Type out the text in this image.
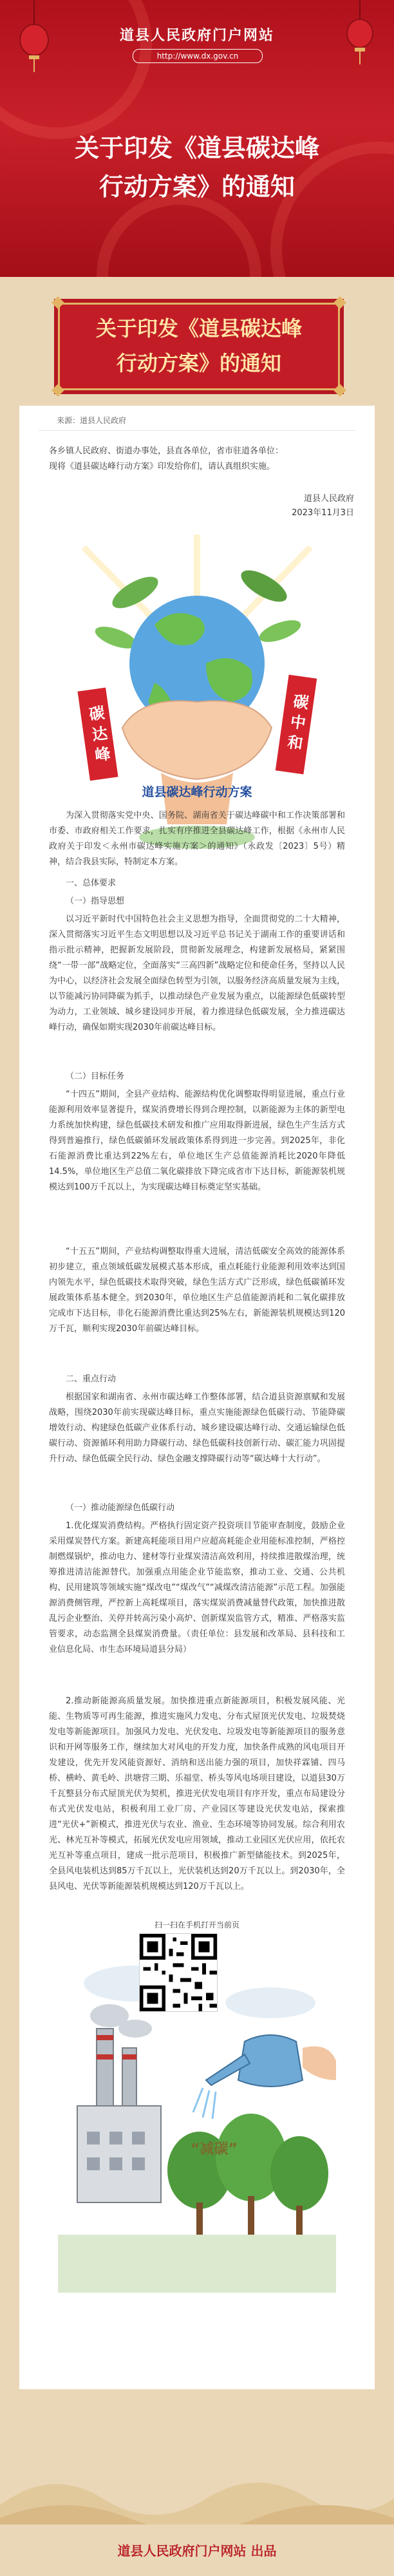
道县人民政府门户网站
http://www.dx.gov.cn
关于印发《道县碳达峰
行动方案》的通知
关于印发《道县碳达峰
行动方案》的通知
来源：道县人民政府
各乡镇人民政府、街道办事处，县直各单位，省市驻道各单位：
现将《道县碳达峰行动方案》印发给你们，请认真组织实施。
道县人民政府
2023年11月3日
碳达峰
碳中和
道县碳达峰行动方案
为深入贯彻落实党中央、国务院、湖南省关于碳达峰碳中和工作决策部署和市委、市政府相关工作要求，扎实有序推进全县碳达峰工作，根据《永州市人民政府关于印发＜永州市碳达峰实施方案＞的通知》（永政发〔2023〕5号）精神，结合我县实际，特制定本方案。
一、总体要求
（一）指导思想
以习近平新时代中国特色社会主义思想为指导，全面贯彻党的二十大精神，深入贯彻落实习近平生态文明思想以及习近平总书记关于湖南工作的重要讲话和指示批示精神，把握新发展阶段，贯彻新发展理念，构建新发展格局，紧紧围绕“一带一部”战略定位，全面落实“三高四新”战略定位和使命任务，坚持以人民为中心，以经济社会发展全面绿色转型为引领，以服务经济高质量发展为主线，以节能减污协同降碳为抓手，以推动绿色产业发展为重点，以能源绿色低碳转型为动力，工业领域、城乡建设同步开展，着力推进绿色低碳发展，全力推进碳达峰行动，确保如期实现2030年前碳达峰目标。
（二）目标任务
“十四五”期间，全县产业结构、能源结构优化调整取得明显进展，重点行业能源利用效率显著提升，煤炭消费增长得到合理控制，以新能源为主体的新型电力系统加快构建，绿色低碳技术研发和推广应用取得新进展，绿色生产生活方式得到普遍推行，绿色低碳循环发展政策体系得到进一步完善。到2025年，非化石能源消费比重达到22%左右，单位地区生产总值能源消耗比2020年降低14.5%，单位地区生产总值二氧化碳排放下降完成省市下达目标，新能源装机规模达到100万千瓦以上，为实现碳达峰目标奠定坚实基础。
“十五五”期间，产业结构调整取得重大进展，清洁低碳安全高效的能源体系初步建立，重点领域低碳发展模式基本形成，重点耗能行业能源利用效率达到国内领先水平，绿色低碳技术取得突破，绿色生活方式广泛形成，绿色低碳循环发展政策体系基本健全。到2030年，单位地区生产总值能源消耗和二氧化碳排放完成市下达目标，非化石能源消费比重达到25%左右，新能源装机规模达到120万千瓦，顺利实现2030年前碳达峰目标。
二、重点行动
根据国家和湖南省、永州市碳达峰工作整体部署，结合道县资源禀赋和发展战略，围绕2030年前实现碳达峰目标，重点实施能源绿色低碳行动、节能降碳增效行动、构建绿色低碳产业体系行动、城乡建设碳达峰行动、交通运输绿色低碳行动、资源循环利用助力降碳行动、绿色低碳科技创新行动、碳汇能力巩固提升行动、绿色低碳全民行动、绿色金融支撑降碳行动等“碳达峰十大行动”。
（一）推动能源绿色低碳行动
1.优化煤炭消费结构。严格执行固定资产投资项目节能审查制度，鼓励企业采用煤炭替代方案。新建高耗能项目用户应超高耗能企业用能标准控制，严格控制燃煤锅炉，推动电力、建材等行业煤炭清洁高效利用，持续推进散煤治理，统筹推进清洁能源替代。加强重点用能企业节能监察，推动工业、交通、公共机构、民用建筑等领域实施“煤改电”“煤改气”“减煤改清洁能源”示范工程。加强能源消费侧管理，严控新上高耗煤项目，落实煤炭消费减量替代政策，加快推进散乱污企业整治、关停并转高污染小高炉、创新煤炭监管方式，精准、严格落实监管要求，动态监测全县煤炭消费量。（责任单位：县发展和改革局、县科技和工业信息化局、市生态环境局道县分局）
2.推动新能源高质量发展。加快推进重点新能源项目，积极发展风能、光能、生物质等可再生能源，推进实施风力发电、分布式屋顶光伏发电、垃圾焚烧发电等新能源项目。加强风力发电、光伏发电、垃圾发电等新能源项目的服务意识和开网等服务工作，继续加大对风电的开发力度，加快条件成熟的风电项目开发建设，优先开发风能资源好、消纳和送出能力强的项目，加快祥霖铺、四马桥、横岭、黄毛岭、洪塘营三期、乐福堂、桥头等风电场项目建设，以道县30万千瓦整县分布式屋顶光伏为契机，推进光伏发电项目有序开发，重点布局建设分布式光伏发电站，积极利用工业厂房、产业园区等建设光伏发电站，探索推进“光伏+”新模式，推进光伏与农业、渔业、生态环境等协同发展。综合利用农光、林光互补等模式，拓展光伏发电应用领域，推动工业园区光伏应用，依托农光互补等重点项目，建成一批示范项目，积极推广新型储能技术。到2025年，全县风电装机达到85万千瓦以上，光伏装机达到20万千瓦以上。到2030年，全县风电、光伏等新能源装机规模达到120万千瓦以上。
“减碳”
扫一扫在手机打开当前页
道县人民政府门户网站 出品
